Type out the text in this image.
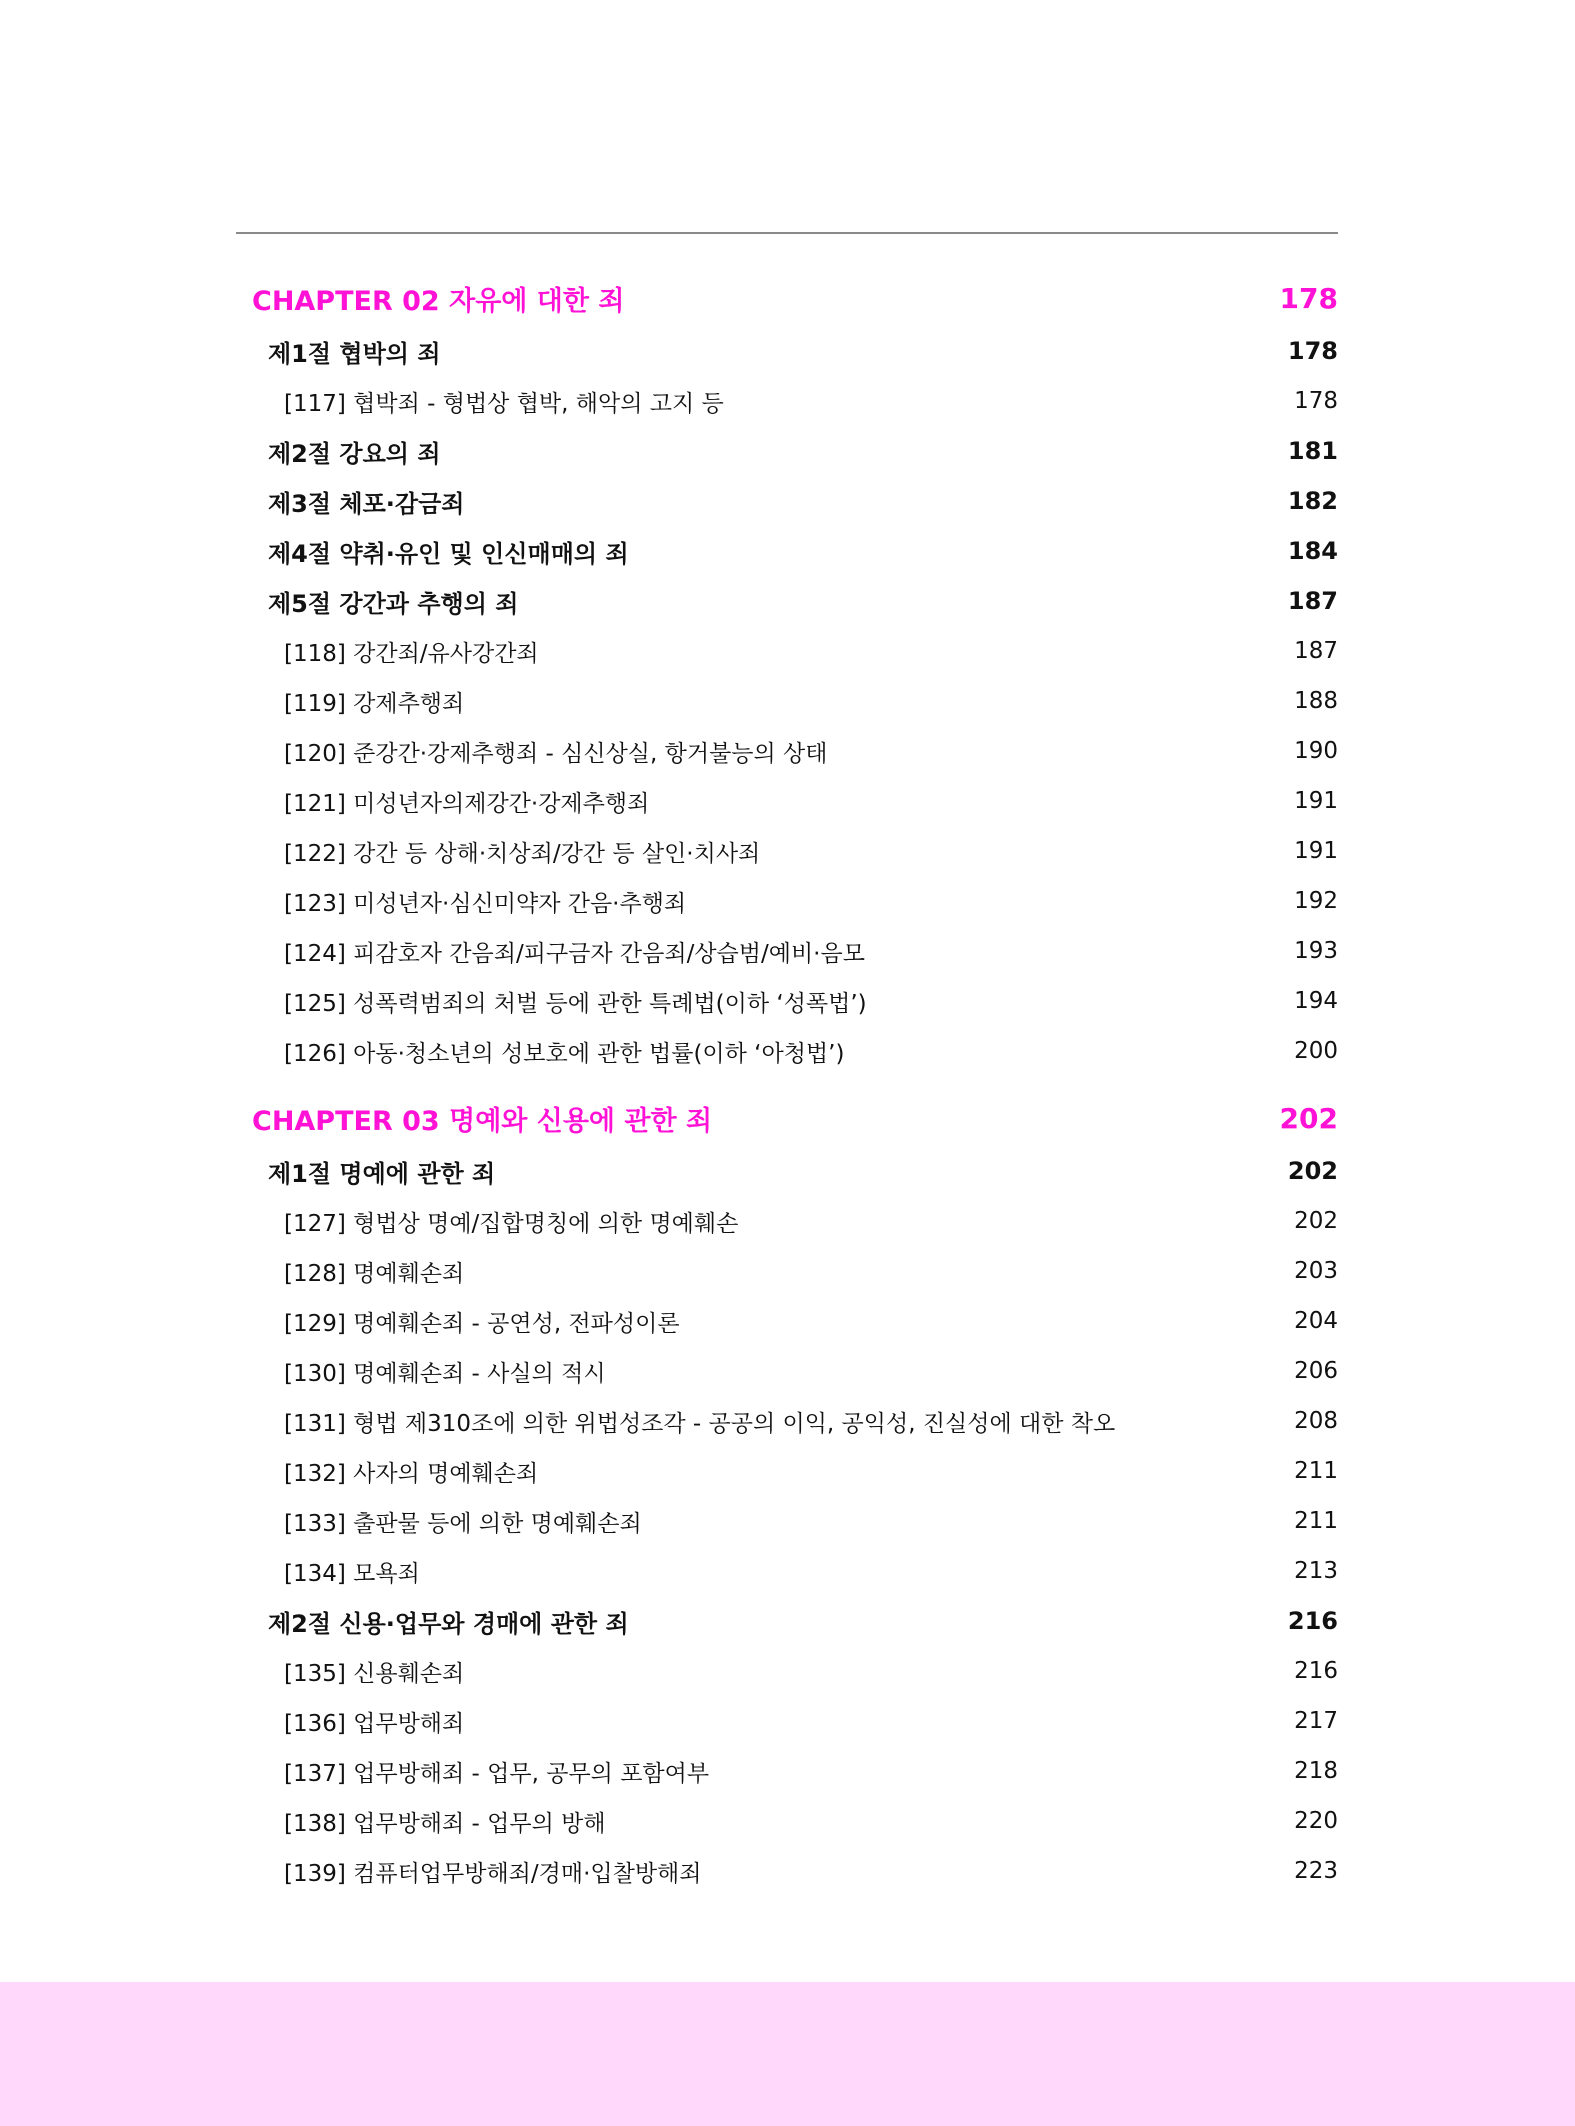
CHAPTER 02 자유에 대한 죄	178
제1절 협박의 죄	178
[117] 협박죄 - 형법상 협박, 해악의 고지 등	178
제2절 강요의 죄	181
제3절 체포·감금죄	182
제4절 약취·유인 및 인신매매의 죄	184
제5절 강간과 추행의 죄	187
[118] 강간죄/유사강간죄	187
[119] 강제추행죄	188
[120] 준강간·강제추행죄 - 심신상실, 항거불능의 상태	190
[121] 미성년자의제강간·강제추행죄	191
[122] 강간 등 상해·치상죄/강간 등 살인·치사죄	191
[123] 미성년자·심신미약자 간음·추행죄	192
[124] 피감호자 간음죄/피구금자 간음죄/상습범/예비·음모	193
[125] 성폭력범죄의 처벌 등에 관한 특례법(이하 ‘성폭법’)	194
[126] 아동·청소년의 성보호에 관한 법률(이하 ‘아청법’)	200
CHAPTER 03 명예와 신용에 관한 죄	202
제1절 명예에 관한 죄	202
[127] 형법상 명예/집합명칭에 의한 명예훼손	202
[128] 명예훼손죄	203
[129] 명예훼손죄 - 공연성, 전파성이론	204
[130] 명예훼손죄 - 사실의 적시	206
[131] 형법 제310조에 의한 위법성조각 - 공공의 이익, 공익성, 진실성에 대한 착오	208
[132] 사자의 명예훼손죄	211
[133] 출판물 등에 의한 명예훼손죄	211
[134] 모욕죄	213
제2절 신용·업무와 경매에 관한 죄	216
[135] 신용훼손죄	216
[136] 업무방해죄	217
[137] 업무방해죄 - 업무, 공무의 포함여부	218
[138] 업무방해죄 - 업무의 방해	220
[139] 컴퓨터업무방해죄/경매·입찰방해죄	223
